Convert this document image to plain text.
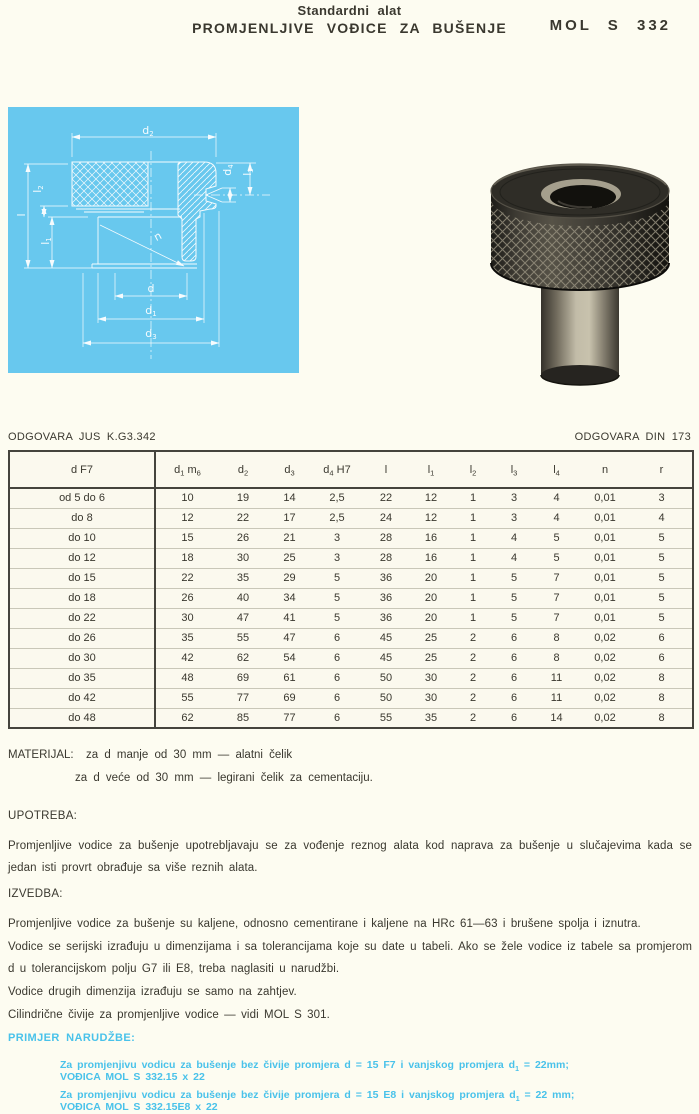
Standardni alat
PROMJENLJIVE VOĐICE ZA BUŠENJE	MOL S 332
$d_2$
$d_4$
$l_3$
$l_2$
l
$l_1$	n
d
$d_1$
$d_3$
ODGOVARA JUS K.G3.342	ODGOVARA DIN 173
d F7	$d_1$ $m_6$	$d_2$	$d_3$	$d_4$ H7	l	$l_1$	$l_2$	$l_3$	$l_4$	n	r
od 5 do 6	10	19	14	2,5	22	12	1	3	4	0,01	3
do 8	12	22	17	2,5	24	12	1	3	4	0,01	4
do 10	15	26	21	3	28	16	1	4	5	0,01	5
do 12	18	30	25	3	28	16	1	4	5	0,01	5
do 15	22	35	29	5	36	20	1	5	7	0,01	5
do 18	26	40	34	5	36	20	1	5	7	0,01	5
do 22	30	47	41	5	36	20	1	5	7	0,01	5
do 26	35	55	47	6	45	25	2	6	8	0,02	6
do 30	42	62	54	6	45	25	2	6	8	0,02	6
do 35	48	69	61	6	50	30	2	6	11	0,02	8
do 42	55	77	69	6	50	30	2	6	11	0,02	8
do 48	62	85	77	6	55	35	2	6	14	0,02	8
MATERIJAL: za d manje od 30 mm — alatni čelik
za d veće od 30 mm — legirani čelik za cementaciju.
UPOTREBA:

Promjenljive vodice za bušenje upotrebljavaju se za vođenje reznog alata kod naprava za bušenje u slučajevima kada se jedan isti provrt obrađuje sa više reznih alata.

IZVEDBA:

Promjenljive vodice za bušenje su kaljene, odnosno cementirane i kaljene na HRc 61—63 i brušene spolja i iznutra.

Vodice se serijski izrađuju u dimenzijama i sa tolerancijama koje su date u tabeli. Ako se žele vodice iz tabele sa promjerom d u tolerancijskom polju G7 ili E8, treba naglasiti u narudžbi.

Vodice drugih dimenzija izrađuju se samo na zahtjev.

Cilindrične čivije za promjenljive vodice — vidi MOL S 301.

PRIMJER NARUDŽBE:
Za promjenjivu vodicu za bušenje bez čivije promjera d = 15 F7 i vanjskog promjera $d_1 = 22mm$;
VOĐICA MOL S 332.15 x 22
Za promjenjivu vodicu za bušenje bez čivije promjera d = 15 E8 i vanjskog promjera $d_1 = 22$ mm;
VOĐICA MOL S 332.15E8 x 22
